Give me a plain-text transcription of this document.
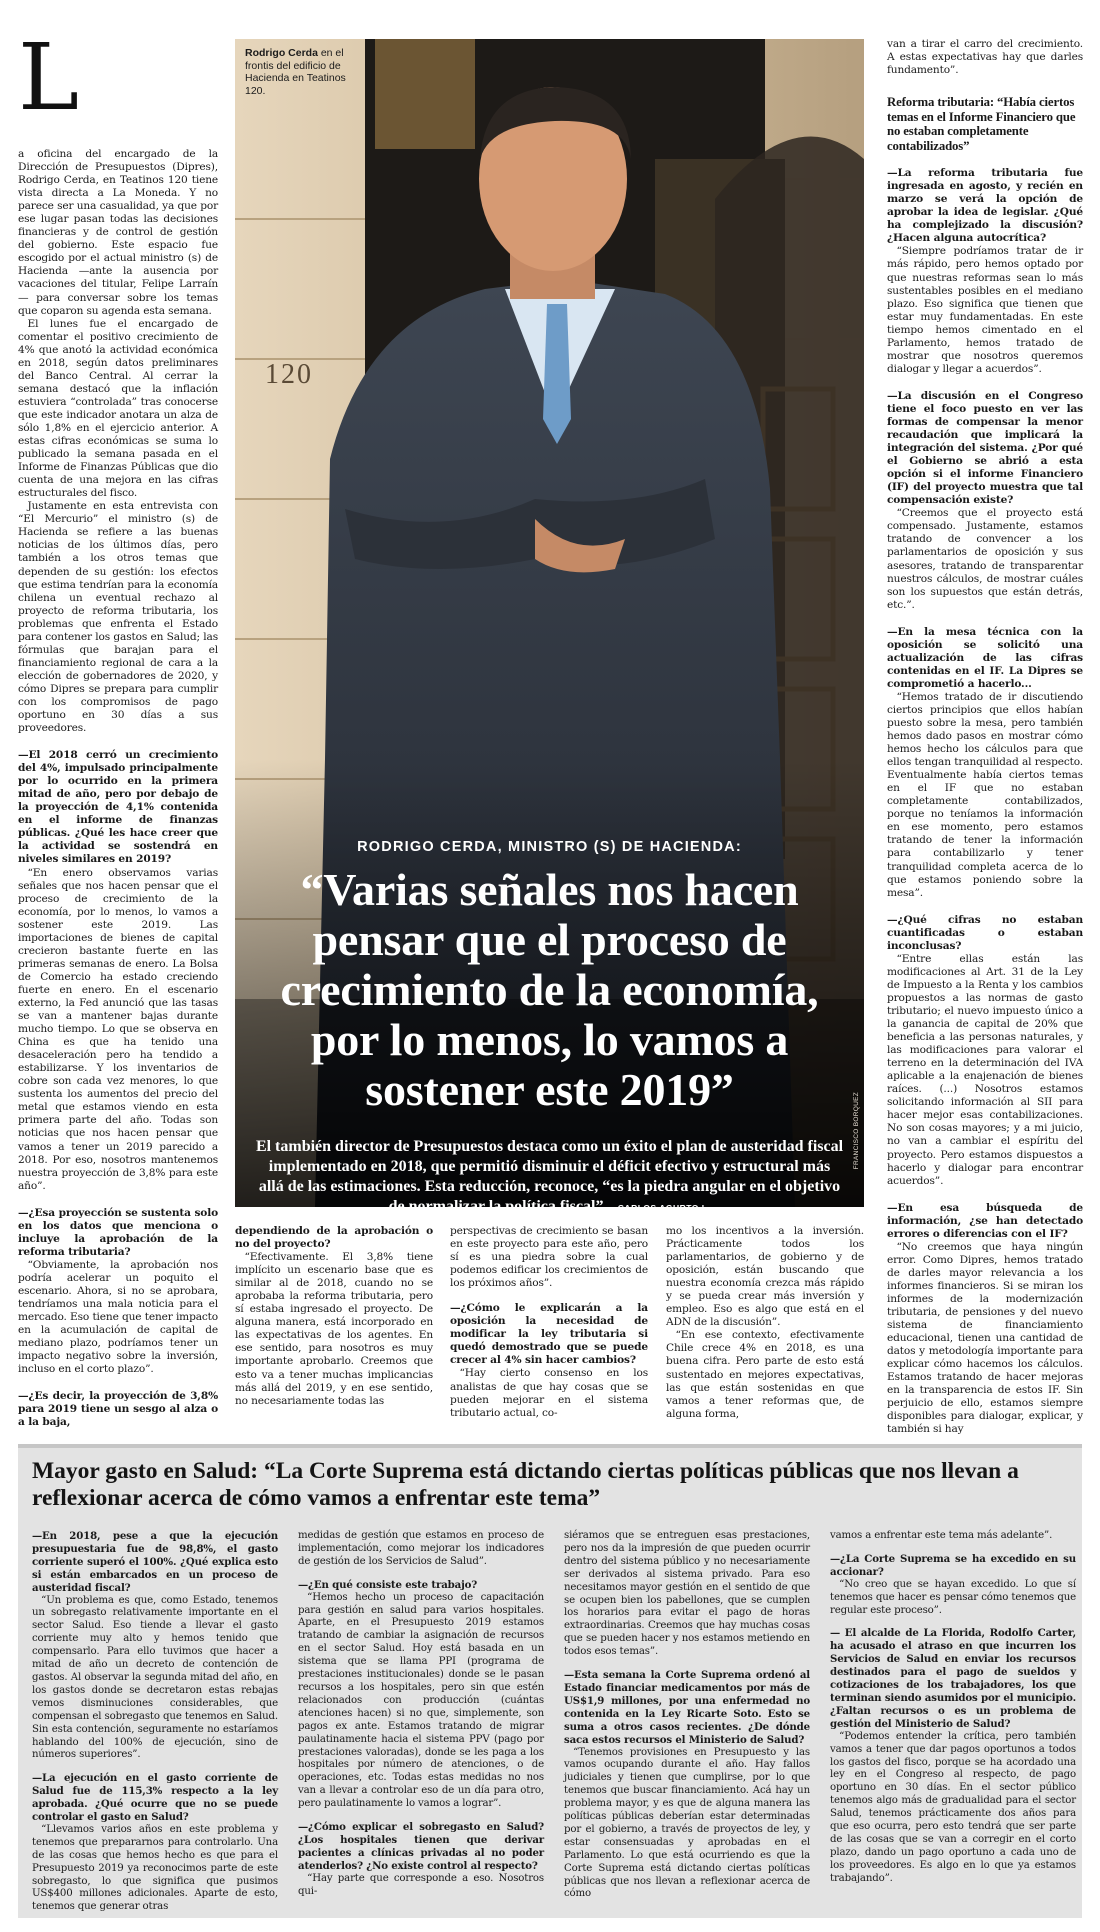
L
a oficina del encargado de la Dirección de Presupuestos (Dipres), Rodrigo Cerda, en Teatinos 120 tiene vista directa a La Moneda. Y no parece ser una casualidad, ya que por ese lugar pasan todas las decisiones financieras y de control de gestión del gobierno. Este espacio fue escogido por el actual ministro (s) de Hacienda —ante la ausencia por vacaciones del titular, Felipe Larraín— para conversar sobre los temas que coparon su agenda esta semana.

El lunes fue el encargado de comentar el positivo crecimiento de 4% que anotó la actividad económica en 2018, según datos preliminares del Banco Central. Al cerrar la semana destacó que la inflación estuviera “controlada” tras conocerse que este indicador anotara un alza de sólo 1,8% en el ejercicio anterior. A estas cifras económicas se suma lo publicado la semana pasada en el Informe de Finanzas Públicas que dio cuenta de una mejora en las cifras estructurales del fisco.

Justamente en esta entrevista con “El Mercurio” el ministro (s) de Hacienda se refiere a las buenas noticias de los últimos días, pero también a los otros temas que dependen de su gestión: los efectos que estima tendrían para la economía chilena un eventual rechazo al proyecto de reforma tributaria, los problemas que enfrenta el Estado para contener los gastos en Salud; las fórmulas que barajan para el financiamiento regional de cara a la elección de gobernadores de 2020, y cómo Dipres se prepara para cumplir con los compromisos de pago oportuno en 30 días a sus proveedores.

—El 2018 cerró un crecimiento del 4%, impulsado principalmente por lo ocurrido en la primera mitad de año, pero por debajo de la proyección de 4,1% contenida en el informe de finanzas públicas. ¿Qué les hace creer que la actividad se sostendrá en niveles similares en 2019?

“En enero observamos varias señales que nos hacen pensar que el proceso de crecimiento de la economía, por lo menos, lo vamos a sostener este 2019. Las importaciones de bienes de capital crecieron bastante fuerte en las primeras semanas de enero. La Bolsa de Comercio ha estado creciendo fuerte en enero. En el escenario externo, la Fed anunció que las tasas se van a mantener bajas durante mucho tiempo. Lo que se observa en China es que ha tenido una desaceleración pero ha tendido a estabilizarse. Y los inventarios de cobre son cada vez menores, lo que sustenta los aumentos del precio del metal que estamos viendo en esta primera parte del año. Todas son noticias que nos hacen pensar que vamos a tener un 2019 parecido a 2018. Por eso, nosotros mantenemos nuestra proyección de 3,8% para este año”.

—¿Esa proyección se sustenta solo en los datos que menciona o incluye la aprobación de la reforma tributaria?

“Obviamente, la aprobación nos podría acelerar un poquito el escenario. Ahora, si no se aprobara, tendríamos una mala noticia para el mercado. Eso tiene que tener impacto en la acumulación de capital de mediano plazo, podríamos tener un impacto negativo sobre la inversión, incluso en el corto plazo”.

—¿Es decir, la proyección de 3,8% para 2019 tiene un sesgo al alza o a la baja,

Rodrigo Cerda en el frontis del edificio de Hacienda en Teatinos 120.
120
RODRIGO CERDA, MINISTRO (S) DE HACIENDA:
“Varias señales nos hacen pensar que el proceso de crecimiento de la economía, por lo menos, lo vamos a sostener este 2019”
El también director de Presupuestos destaca como un éxito el plan de austeridad fiscal implementado en 2018, que permitió disminuir el déficit efectivo y estructural más allá de las estimaciones. Esta reducción, reconoce, “es la piedra angular en el objetivo de normalizar la política fiscal”. • CARLOS AGURTO L.
FRANCISCO BORQUEZ

van a tirar el carro del crecimiento. A estas expectativas hay que darles fundamento”.

Reforma tributaria: “Había ciertos temas en el Informe Financiero que no estaban completamente contabilizados”

—La reforma tributaria fue ingresada en agosto, y recién en marzo se verá la opción de aprobar la idea de legislar. ¿Qué ha complejizado la discusión? ¿Hacen alguna autocrítica?

“Siempre podríamos tratar de ir más rápido, pero hemos optado por que nuestras reformas sean lo más sustentables posibles en el mediano plazo. Eso significa que tienen que estar muy fundamentadas. En este tiempo hemos cimentado en el Parlamento, hemos tratado de mostrar que nosotros queremos dialogar y llegar a acuerdos”.

—La discusión en el Congreso tiene el foco puesto en ver las formas de compensar la menor recaudación que implicará la integración del sistema. ¿Por qué el Gobierno se abrió a esta opción si el informe Financiero (IF) del proyecto muestra que tal compensación existe?

“Creemos que el proyecto está compensado. Justamente, estamos tratando de convencer a los parlamentarios de oposición y sus asesores, tratando de transparentar nuestros cálculos, de mostrar cuáles son los supuestos que están detrás, etc.”.

—En la mesa técnica con la oposición se solicitó una actualización de las cifras contenidas en el IF. La Dipres se comprometió a hacerlo...

“Hemos tratado de ir discutiendo ciertos principios que ellos habían puesto sobre la mesa, pero también hemos dado pasos en mostrar cómo hemos hecho los cálculos para que ellos tengan tranquilidad al respecto. Eventualmente había ciertos temas en el IF que no estaban completamente contabilizados, porque no teníamos la información en ese momento, pero estamos tratando de tener la información para contabilizarlo y tener tranquilidad completa acerca de lo que estamos poniendo sobre la mesa”.

—¿Qué cifras no estaban cuantificadas o estaban inconclusas?

“Entre ellas están las modificaciones al Art. 31 de la Ley de Impuesto a la Renta y los cambios propuestos a las normas de gasto tributario; el nuevo impuesto único a la ganancia de capital de 20% que beneficia a las personas naturales, y las modificaciones para valorar el terreno en la determinación del IVA aplicable a la enajenación de bienes raíces. (...) Nosotros estamos solicitando información al SII para hacer mejor esas contabilizaciones. No son cosas mayores; y a mi juicio, no van a cambiar el espíritu del proyecto. Pero estamos dispuestos a hacerlo y dialogar para encontrar acuerdos”.

—En esa búsqueda de información, ¿se han detectado errores o diferencias con el IF?

“No creemos que haya ningún error. Como Dipres, hemos tratado de darles mayor relevancia a los informes financieros. Si se miran los informes de la modernización tributaria, de pensiones y del nuevo sistema de financiamiento educacional, tienen una cantidad de datos y metodología importante para explicar cómo hacemos los cálculos. Estamos tratando de hacer mejoras en la transparencia de estos IF. Sin perjuicio de ello, estamos siempre disponibles para dialogar, explicar, y también si hay

dependiendo de la aprobación o no del proyecto?

“Efectivamente. El 3,8% tiene implícito un escenario base que es similar al de 2018, cuando no se aprobaba la reforma tributaria, pero sí estaba ingresado el proyecto. De alguna manera, está incorporado en las expectativas de los agentes. En ese sentido, para nosotros es muy importante aprobarlo. Creemos que esto va a tener muchas implicancias más allá del 2019, y en ese sentido, no necesariamente todas las

perspectivas de crecimiento se basan en este proyecto para este año, pero sí es una piedra sobre la cual podemos edificar los crecimientos de los próximos años”.

—¿Cómo le explicarán a la oposición la necesidad de modificar la ley tributaria si quedó demostrado que se puede crecer al 4% sin hacer cambios?

“Hay cierto consenso en los analistas de que hay cosas que se pueden mejorar en el sistema tributario actual, co-

mo los incentivos a la inversión. Prácticamente todos los parlamentarios, de gobierno y de oposición, están buscando que nuestra economía crezca más rápido y se pueda crear más inversión y empleo. Eso es algo que está en el ADN de la discusión”.

“En ese contexto, efectivamente Chile crece 4% en 2018, es una buena cifra. Pero parte de esto está sustentado en mejores expectativas, las que están sostenidas en que vamos a tener reformas que, de alguna forma,

Mayor gasto en Salud: “La Corte Suprema está dictando ciertas políticas públicas que nos llevan a reflexionar acerca de cómo vamos a enfrentar este tema”

—En 2018, pese a que la ejecución presupuestaria fue de 98,8%, el gasto corriente superó el 100%. ¿Qué explica esto si están embarcados en un proceso de austeridad fiscal?

“Un problema es que, como Estado, tenemos un sobregasto relativamente importante en el sector Salud. Eso tiende a llevar el gasto corriente muy alto y hemos tenido que compensarlo. Para ello tuvimos que hacer a mitad de año un decreto de contención de gastos. Al observar la segunda mitad del año, en los gastos donde se decretaron estas rebajas vemos disminuciones considerables, que compensan el sobregasto que tenemos en Salud. Sin esta contención, seguramente no estaríamos hablando del 100% de ejecución, sino de números superiores”.

—La ejecución en el gasto corriente de Salud fue de 115,3% respecto a la ley aprobada. ¿Qué ocurre que no se puede controlar el gasto en Salud?

“Llevamos varios años en este problema y tenemos que prepararnos para controlarlo. Una de las cosas que hemos hecho es que para el Presupuesto 2019 ya reconocimos parte de este sobregasto, lo que significa que pusimos US$400 millones adicionales. Aparte de esto, tenemos que generar otras

medidas de gestión que estamos en proceso de implementación, como mejorar los indicadores de gestión de los Servicios de Salud”.

—¿En qué consiste este trabajo?

“Hemos hecho un proceso de capacitación para gestión en salud para varios hospitales. Aparte, en el Presupuesto 2019 estamos tratando de cambiar la asignación de recursos en el sector Salud. Hoy está basada en un sistema que se llama PPI (programa de prestaciones institucionales) donde se le pasan recursos a los hospitales, pero sin que estén relacionados con producción (cuántas atenciones hacen) si no que, simplemente, son pagos ex ante. Estamos tratando de migrar paulatinamente hacia el sistema PPV (pago por prestaciones valoradas), donde se les paga a los hospitales por número de atenciones, o de operaciones, etc. Todas estas medidas no nos van a llevar a controlar eso de un día para otro, pero paulatinamente lo vamos a lograr”.

—¿Cómo explicar el sobregasto en Salud? ¿Los hospitales tienen que derivar pacientes a clínicas privadas al no poder atenderlos? ¿No existe control al respecto?

“Hay parte que corresponde a eso. Nosotros qui-

siéramos que se entreguen esas prestaciones, pero nos da la impresión de que pueden ocurrir dentro del sistema público y no necesariamente ser derivados al sistema privado. Para eso necesitamos mayor gestión en el sentido de que se ocupen bien los pabellones, que se cumplen los horarios para evitar el pago de horas extraordinarias. Creemos que hay muchas cosas que se pueden hacer y nos estamos metiendo en todos esos temas”.

—Esta semana la Corte Suprema ordenó al Estado financiar medicamentos por más de US$1,9 millones, por una enfermedad no contenida en la Ley Ricarte Soto. Esto se suma a otros casos recientes. ¿De dónde saca estos recursos el Ministerio de Salud?

“Tenemos provisiones en Presupuesto y las vamos ocupando durante el año. Hay fallos judiciales y tienen que cumplirse, por lo que tenemos que buscar financiamiento. Acá hay un problema mayor, y es que de alguna manera las políticas públicas deberían estar determinadas por el gobierno, a través de proyectos de ley, y estar consensuadas y aprobadas en el Parlamento. Lo que está ocurriendo es que la Corte Suprema está dictando ciertas políticas públicas que nos llevan a reflexionar acerca de cómo

vamos a enfrentar este tema más adelante”.

—¿La Corte Suprema se ha excedido en su accionar?

“No creo que se hayan excedido. Lo que sí tenemos que hacer es pensar cómo tenemos que regular este proceso”.

— El alcalde de La Florida, Rodolfo Carter, ha acusado el atraso en que incurren los Servicios de Salud en enviar los recursos destinados para el pago de sueldos y cotizaciones de los trabajadores, los que terminan siendo asumidos por el municipio. ¿Faltan recursos o es un problema de gestión del Ministerio de Salud?

“Podemos entender la crítica, pero también vamos a tener que dar pagos oportunos a todos los gastos del fisco, porque se ha acordado una ley en el Congreso al respecto, de pago oportuno en 30 días. En el sector público tenemos algo más de gradualidad para el sector Salud, tenemos prácticamente dos años para que eso ocurra, pero esto tendrá que ser parte de las cosas que se van a corregir en el corto plazo, dando un pago oportuno a cada uno de los proveedores. Es algo en lo que ya estamos trabajando”.
